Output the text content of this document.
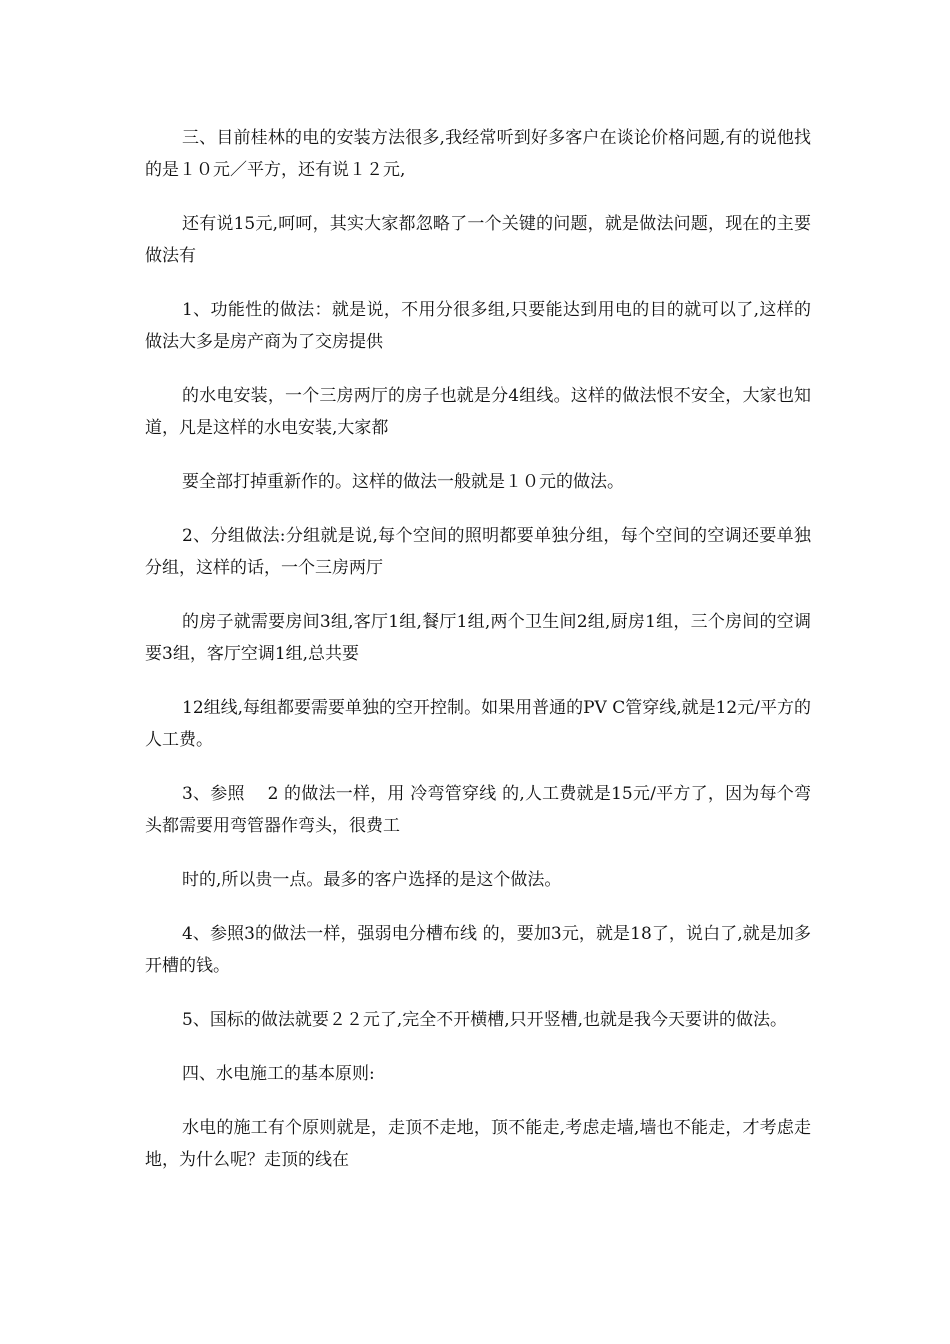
三、目前桂林的电的安装方法很多,我经常听到好多客户在谈论价格问题,有的说他找的是１０元／平方，还有说１２元,

还有说15元,呵呵，其实大家都忽略了一个关键的问题，就是做法问题，现在的主要做法有

1、功能性的做法：就是说，不用分很多组,只要能达到用电的目的就可以了,这样的做法大多是房产商为了交房提供

的水电安装，一个三房两厅的房子也就是分4组线。这样的做法恨不安全，大家也知道，凡是这样的水电安装,大家都

要全部打掉重新作的。这样的做法一般就是１０元的做法。

2、分组做法:分组就是说,每个空间的照明都要单独分组，每个空间的空调还要单独分组，这样的话，一个三房两厅

的房子就需要房间3组,客厅1组,餐厅1组,两个卫生间2组,厨房1组，三个房间的空调要3组，客厅空调1组,总共要

12组线,每组都要需要单独的空开控制。如果用普通的PV C管穿线,就是12元/平方的人工费。

3、参照　 2 的做法一样，用 冷弯管穿线 的,人工费就是15元/平方了，因为每个弯头都需要用弯管器作弯头，很费工

时的,所以贵一点。最多的客户选择的是这个做法。

4、参照3的做法一样，强弱电分槽布线 的，要加3元，就是18了，说白了,就是加多开槽的钱。

5、国标的做法就要２２元了,完全不开横槽,只开竖槽,也就是我今天要讲的做法。

四、水电施工的基本原则:

水电的施工有个原则就是，走顶不走地，顶不能走,考虑走墙,墙也不能走，才考虑走地，为什么呢？走顶的线在
